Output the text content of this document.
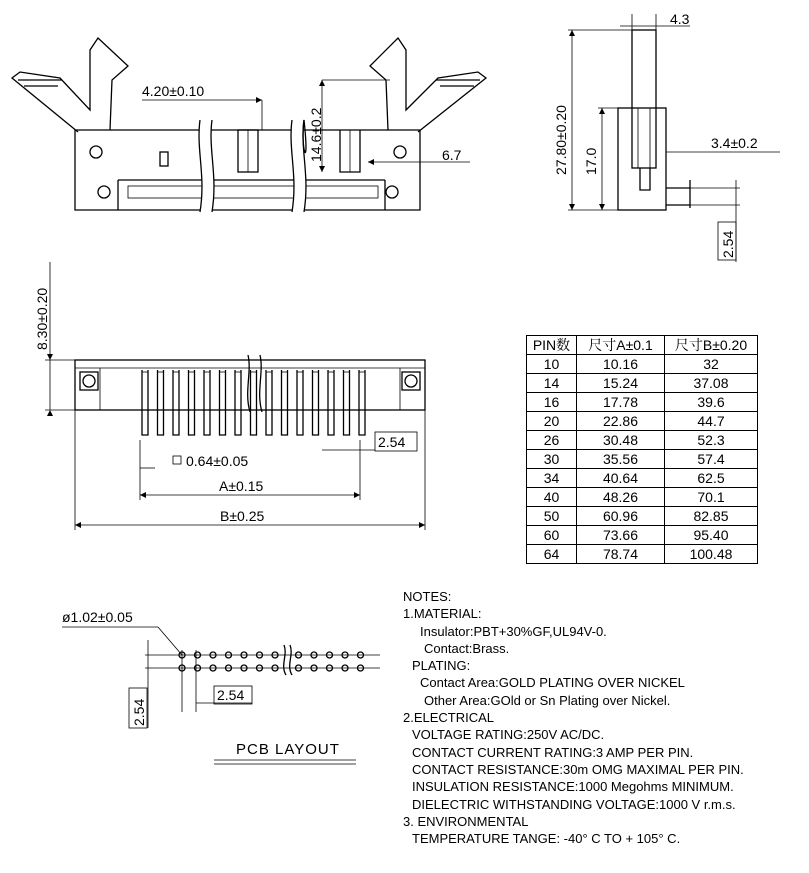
4.20±0.10
14.6±0.2	6.7
4.3
27.80±0.20 17.0
3.4±0.2
2.54
8.30±0.20
2.54
0.64±0.05
A±0.15
B±0.25
ø1.02±0.05
2.54
2.54
PCB LAYOUT
PIN数	尺寸A±0.1	尺寸B±0.20
10	10.16	32
14	15.24	37.08
16	17.78	39.6
20	22.86	44.7
26	30.48	52.3
30	35.56	57.4
34	40.64	62.5
40	48.26	70.1
50	60.96	82.85
60	73.66	95.40
64	78.74	100.48
NOTES:
1.MATERIAL:
Insulator:PBT+30%GF,UL94V-0.
Contact:Brass.
PLATING:
Contact Area:GOLD PLATING OVER NICKEL
Other Area:GOld or Sn Plating over Nickel.
2.ELECTRICAL
VOLTAGE RATING:250V AC/DC.
CONTACT CURRENT RATING:3 AMP PER PIN.
CONTACT RESISTANCE:30m OMG MAXIMAL PER PIN.
INSULATION RESISTANCE:1000 Megohms MINIMUM.
DIELECTRIC WITHSTANDING VOLTAGE:1000 V r.m.s.
3. ENVIRONMENTAL
TEMPERATURE TANGE: -40° C TO + 105° C.
